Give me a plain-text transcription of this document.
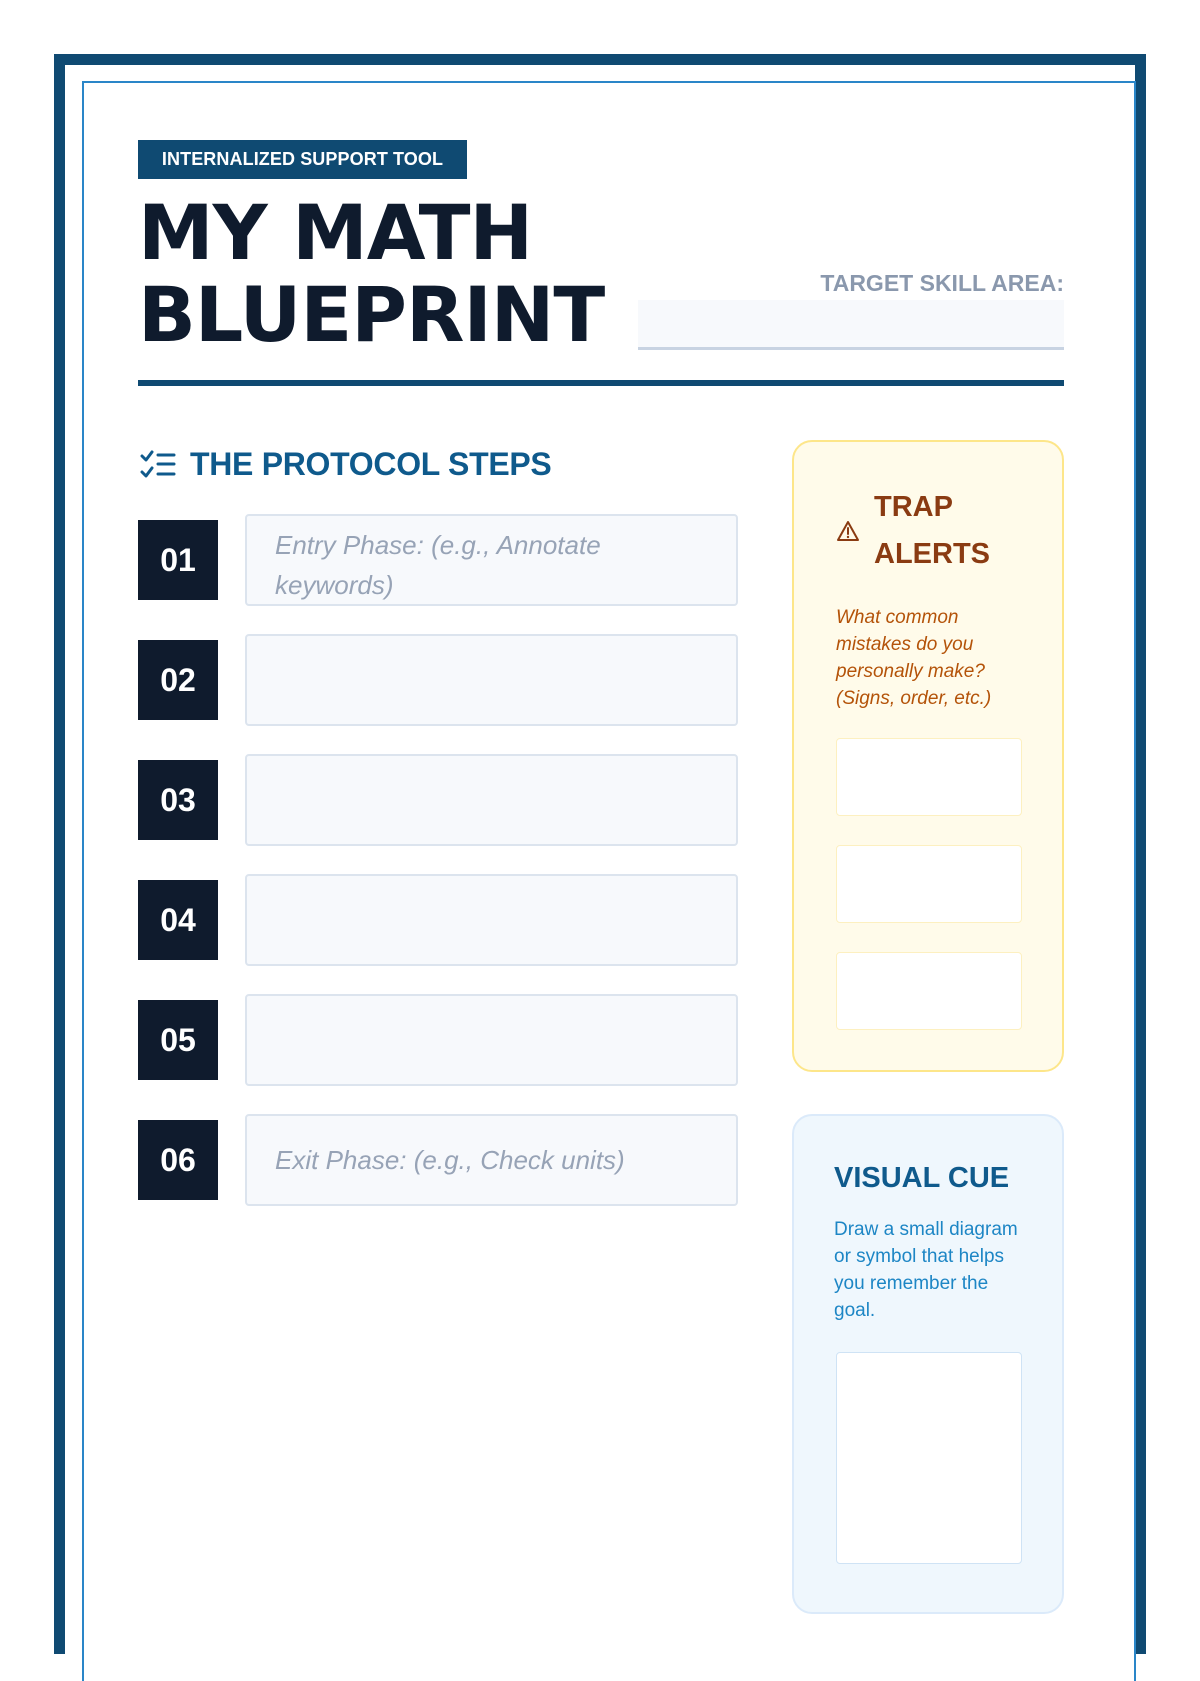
INTERNALIZED SUPPORT TOOL
MY MATH
BLUEPRINT	TARGET SKILL AREA:
THE PROTOCOL STEPS
01	Entry Phase: (e.g., Annotate keywords)
02
03
04
05
06	Exit Phase: (e.g., Check units)
TRAP
ALERTS

What common mistakes do you personally make? (Signs, order, etc.)

VISUAL CUE

Draw a small diagram or symbol that helps you remember the goal.
